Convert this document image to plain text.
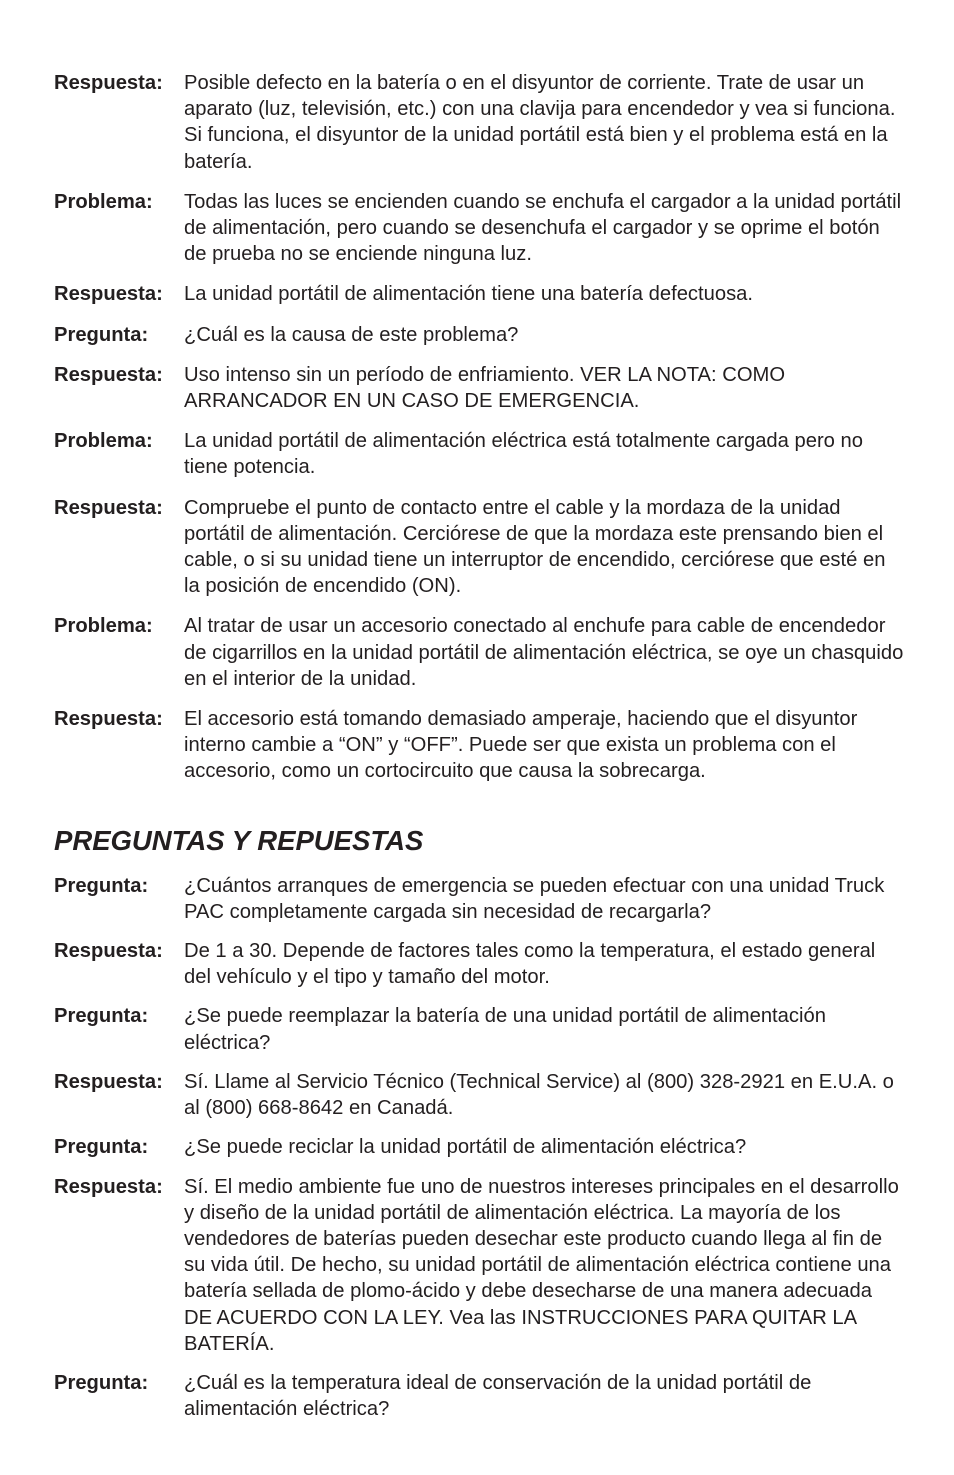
Respuesta:	Posible defecto en la batería o en el disyuntor de corriente. Trate de usar un aparato (luz, televisión, etc.) con una clavija para encendedor y vea si funciona. Si funciona, el disyuntor de la unidad portátil está bien y el problema está en la batería.
Problema:	Todas las luces se encienden cuando se enchufa el cargador a la unidad portátil de alimentación, pero cuando se desenchufa el cargador y se oprime el botón de prueba no se enciende ninguna luz.
Respuesta:	La unidad portátil de alimentación tiene una batería defectuosa.
Pregunta:	¿Cuál es la causa de este problema?
Respuesta:	Uso intenso sin un período de enfriamiento. VER LA NOTA: COMO ARRANCADOR EN UN CASO DE EMERGENCIA.
Problema:	La unidad portátil de alimentación eléctrica está totalmente cargada pero no tiene potencia.
Respuesta:	Compruebe el punto de contacto entre el cable y la mordaza de la unidad portátil de alimentación. Cerciórese de que la mordaza este prensando bien el cable, o si su unidad tiene un interruptor de encendido, cerciórese que esté en la posición de encendido (ON).
Problema:	Al tratar de usar un accesorio conectado al enchufe para cable de encendedor de cigarrillos en la unidad portátil de alimentación eléctrica, se oye un chasquido en el interior de la unidad.
Respuesta:	El accesorio está tomando demasiado amperaje, haciendo que el disyuntor interno cambie a “ON” y “OFF”. Puede ser que exista un problema con el accesorio, como un cortocircuito que causa la sobrecarga.
PREGUNTAS Y REPUESTAS
Pregunta:	¿Cuántos arranques de emergencia se pueden efectuar con una unidad Truck PAC completamente cargada sin necesidad de recargarla?
Respuesta:	De 1 a 30. Depende de factores tales como la temperatura, el estado general del vehículo y el tipo y tamaño del motor.
Pregunta:	¿Se puede reemplazar la batería de una unidad portátil de alimentación eléctrica?
Respuesta:	Sí. Llame al Servicio Técnico (Technical Service) al (800) 328-2921 en E.U.A. o al (800) 668-8642 en Canadá.
Pregunta:	¿Se puede reciclar la unidad portátil de alimentación eléctrica?
Respuesta:	Sí. El medio ambiente fue uno de nuestros intereses principales en el desarrollo y diseño de la unidad portátil de alimentación eléctrica. La mayoría de los vendedores de baterías pueden desechar este producto cuando llega al fin de su vida útil. De hecho, su unidad portátil de alimentación eléctrica contiene una batería sellada de plomo-ácido y debe desecharse de una manera adecuada DE ACUERDO CON LA LEY. Vea las INSTRUCCIONES PARA QUITAR LA BATERÍA.
Pregunta:	¿Cuál es la temperatura ideal de conservación de la unidad portátil de alimentación eléctrica?
